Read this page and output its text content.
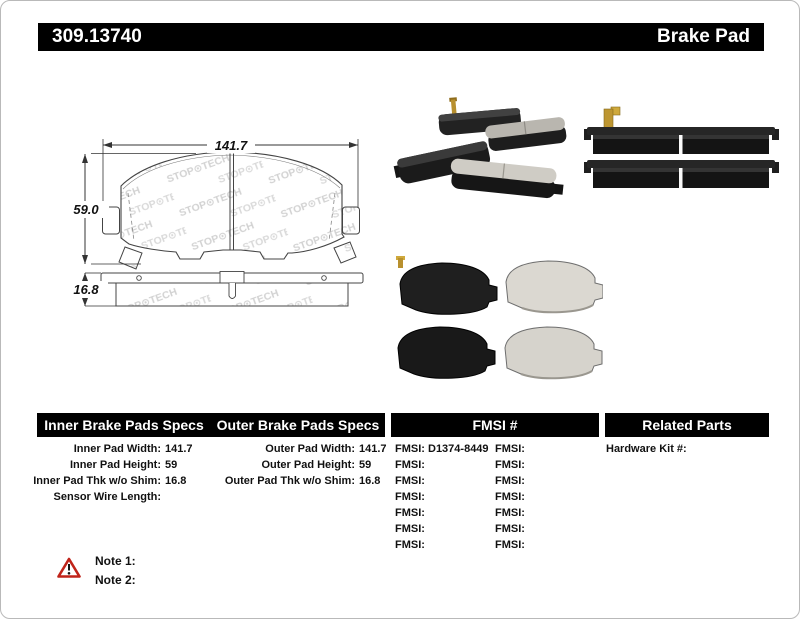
309.13740	Brake Pad
141.7
59.0
16.8
Inner Brake Pads Specs Outer Brake Pads Specs	FMSI #	Related Parts
Inner Pad Width: 141.7
Inner Pad Height: 59
Inner Pad Thk w/o Shim: 16.8
Sensor Wire Length:
Outer Pad Width: 141.7
Outer Pad Height: 59
Outer Pad Thk w/o Shim: 16.8
FMSI: D1374-8449
FMSI:
FMSI:
FMSI:
FMSI:
FMSI:
FMSI:
FMSI:
FMSI:
FMSI:
FMSI:
FMSI:
FMSI:
FMSI:
Hardware Kit #:
Note 1:
Note 2:
